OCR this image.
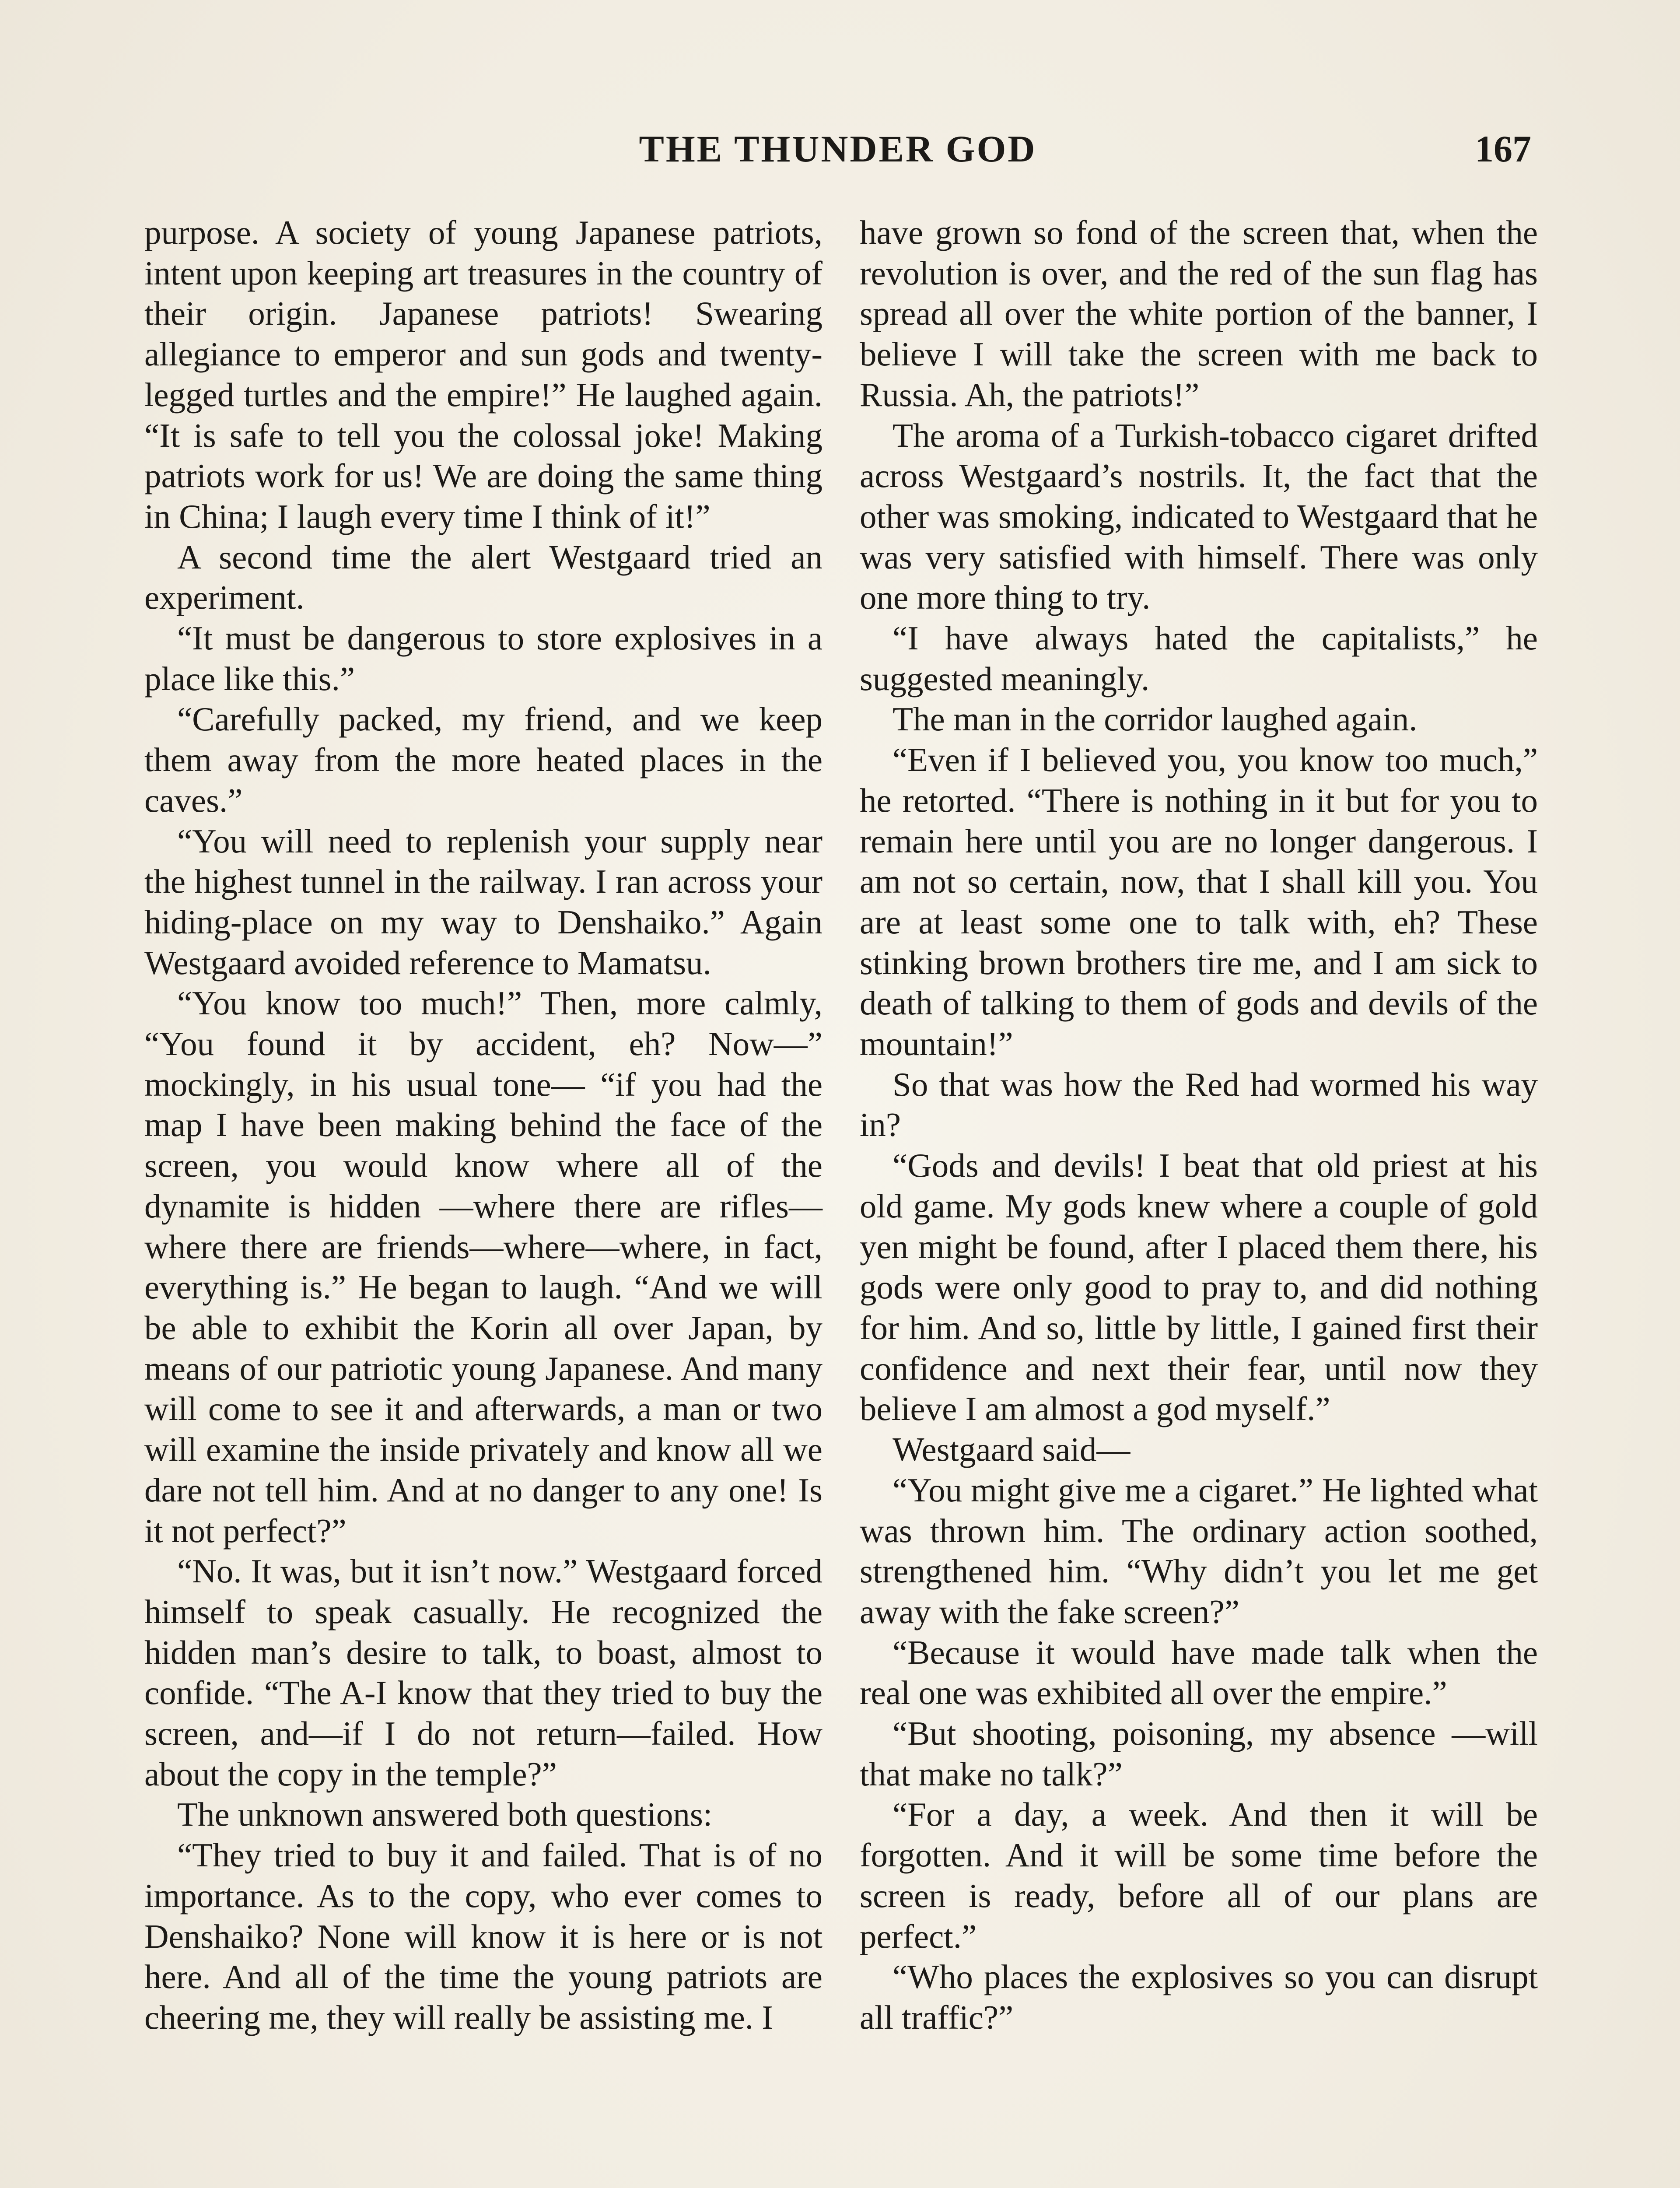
THE THUNDER GOD	167

purpose. A society of young Japanese patriots, intent upon keeping art treasures in the country of their origin. Japanese patriots! Swearing allegiance to emperor and sun gods and twenty-legged turtles and the empire!” He laughed again. “It is safe to tell you the colossal joke! Making patriots work for us! We are doing the same thing in China; I laugh every time I think of it!”

A second time the alert Westgaard tried an experiment.

“It must be dangerous to store explosives in a place like this.”

“Carefully packed, my friend, and we keep them away from the more heated places in the caves.”

“You will need to replenish your supply near the highest tunnel in the railway. I ran across your hiding-place on my way to Denshaiko.” Again Westgaard avoided reference to Mamatsu.

“You know too much!” Then, more calmly, “You found it by accident, eh? Now—” mockingly, in his usual tone— “if you had the map I have been making behind the face of the screen, you would know where all of the dynamite is hidden —where there are rifles—where there are friends—where—where, in fact, everything is.” He began to laugh. “And we will be able to exhibit the Korin all over Japan, by means of our patriotic young Japanese. And many will come to see it and afterwards, a man or two will examine the inside privately and know all we dare not tell him. And at no danger to any one! Is it not perfect?”

“No. It was, but it isn’t now.” Westgaard forced himself to speak casually. He recognized the hidden man’s desire to talk, to boast, almost to confide. “The A-I know that they tried to buy the screen, and—if I do not return—failed. How about the copy in the temple?”

The unknown answered both questions:

“They tried to buy it and failed. That is of no importance. As to the copy, who ever comes to Denshaiko? None will know it is here or is not here. And all of the time the young patriots are cheering me, they will really be assisting me. I

have grown so fond of the screen that, when the revolution is over, and the red of the sun flag has spread all over the white portion of the banner, I believe I will take the screen with me back to Russia. Ah, the patriots!”

The aroma of a Turkish-tobacco cigaret drifted across Westgaard’s nostrils. It, the fact that the other was smoking, indicated to Westgaard that he was very satisfied with himself. There was only one more thing to try.

“I have always hated the capitalists,” he suggested meaningly.

The man in the corridor laughed again.

“Even if I believed you, you know too much,” he retorted. “There is nothing in it but for you to remain here until you are no longer dangerous. I am not so certain, now, that I shall kill you. You are at least some one to talk with, eh? These stinking brown brothers tire me, and I am sick to death of talking to them of gods and devils of the mountain!”

So that was how the Red had wormed his way in?

“Gods and devils! I beat that old priest at his old game. My gods knew where a couple of gold yen might be found, after I placed them there, his gods were only good to pray to, and did nothing for him. And so, little by little, I gained first their confidence and next their fear, until now they believe I am almost a god myself.”

Westgaard said—

“You might give me a cigaret.” He lighted what was thrown him. The ordinary action soothed, strengthened him. “Why didn’t you let me get away with the fake screen?”

“Because it would have made talk when the real one was exhibited all over the empire.”

“But shooting, poisoning, my absence —will that make no talk?”

“For a day, a week. And then it will be forgotten. And it will be some time before the screen is ready, before all of our plans are perfect.”

“Who places the explosives so you can disrupt all traffic?”
